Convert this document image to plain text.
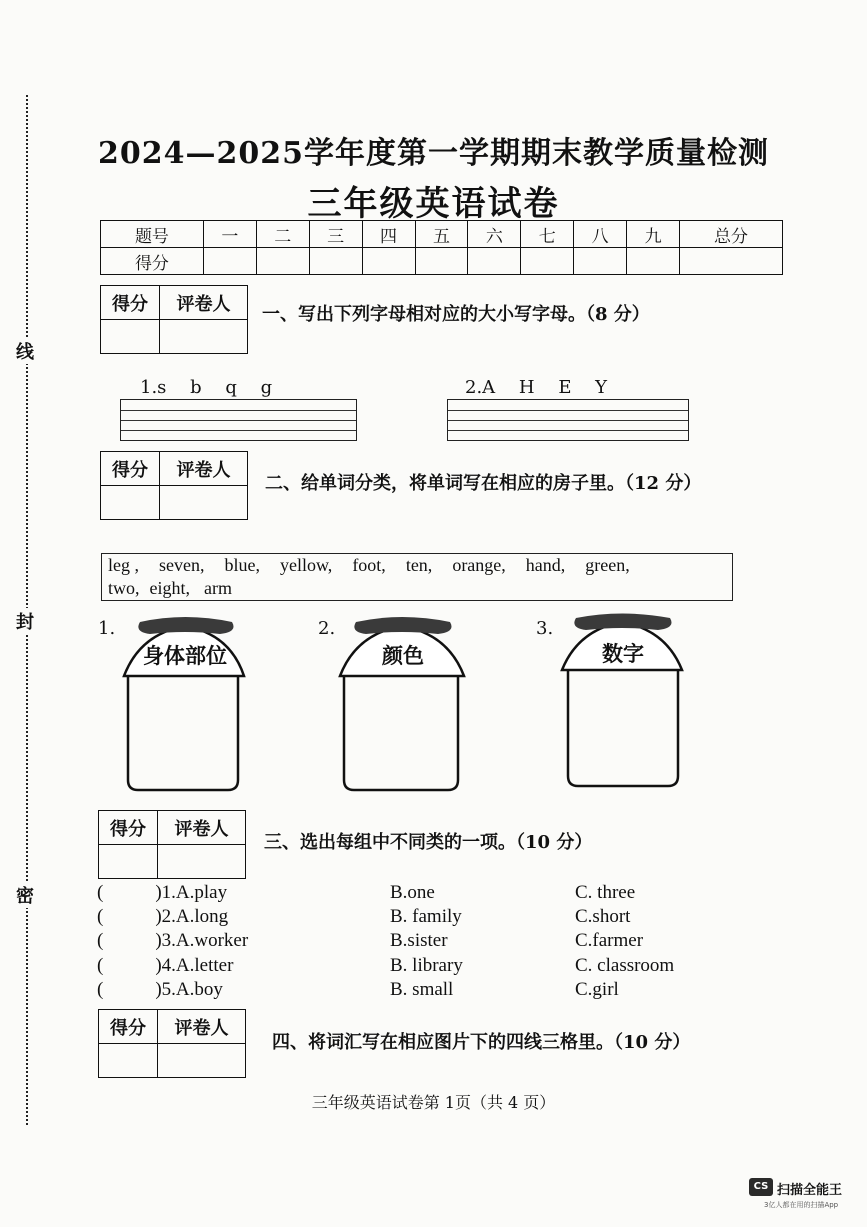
线
封
密
2024—2025学年度第一学期期末教学质量检测
三年级英语试卷
题号	一	二	三	四	五	六	七	八	九	总分
得分										
得分	评卷人
	一、写出下列字母相对应的大小写字母。（8 分）
1.s b q g	2.A H E Y
得分	评卷人

二、给单词分类，将单词写在相应的房子里。（12 分）
leg , seven, blue, yellow, foot, ten, orange, hand, green,
two, eight, arm
1.
身体部位
2.
颜色
3.
数字
得分	评卷人

三、选出每组中不同类的一项。（10 分）
(	)1.A.play	B.one	C. three
(	)2.A.long	B. family	C.short
(	)3.A.worker	B.sister	C.farmer
(	)4.A.letter	B. library	C. classroom
(	)5.A.boy	B. small	C.girl
得分	评卷人

四、将词汇写在相应图片下的四线三格里。（10 分）
三年级英语试卷第 1页（共 4 页）
CS 扫描全能王
3亿人都在用的扫描App
